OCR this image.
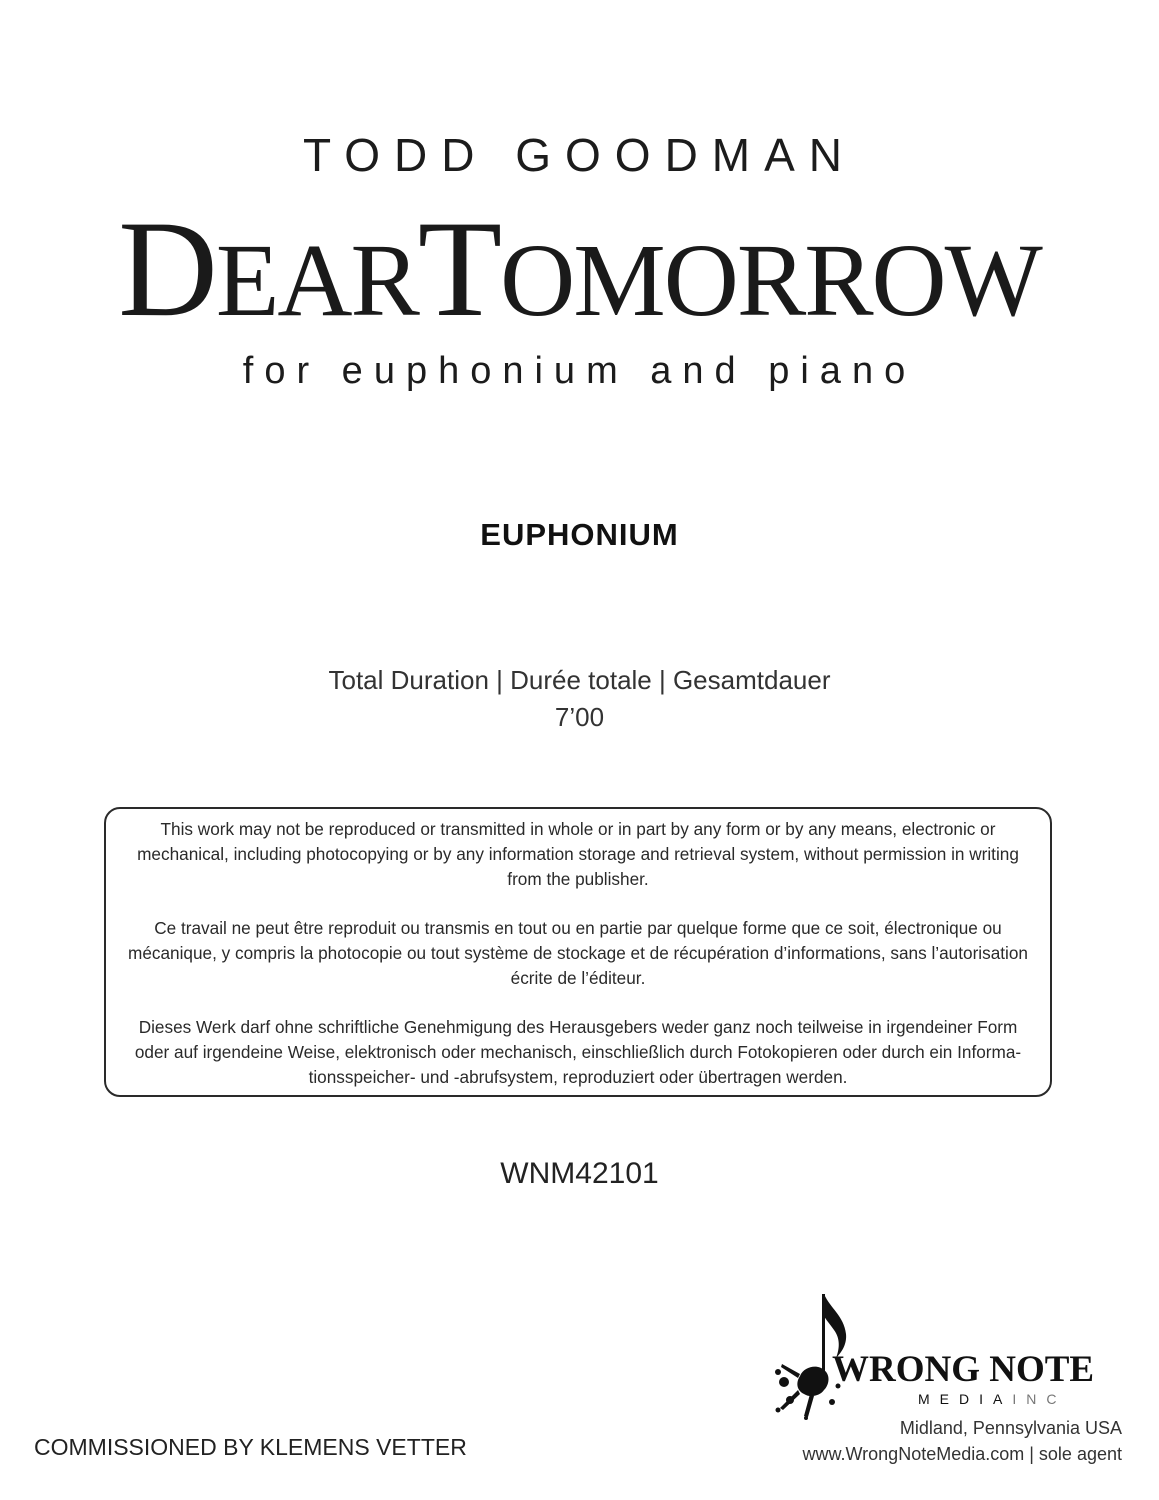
TODD GOODMAN
DEARTOMORROW
for euphonium and piano
EUPHONIUM
Total Duration | Durée totale | Gesamtdauer
7’00

This work may not be reproduced or transmitted in whole or in part by any form or by any means, electronic or mechanical, including photocopying or by any information storage and retrieval system, without permission in writing from the publisher.

Ce travail ne peut être reproduit ou transmis en tout ou en partie par quelque forme que ce soit, électronique ou mécanique, y compris la photocopie ou tout système de stockage et de récupération d’informations, sans l’autorisation écrite de l’éditeur.

Dieses Werk darf ohne schriftliche Genehmigung des Herausgebers weder ganz noch teilweise in irgendeiner Form oder auf irgendeine Weise, elektronisch oder mechanisch, einschließlich durch Fotokopieren oder durch ein Informa-tionsspeicher- und -abrufsystem, reproduziert oder übertragen werden.

WNM42101
COMMISSIONED BY KLEMENS VETTER
WRONG NOTE
MEDIAINC
Midland, Pennsylvania USA
www.WrongNoteMedia.com | sole agent
